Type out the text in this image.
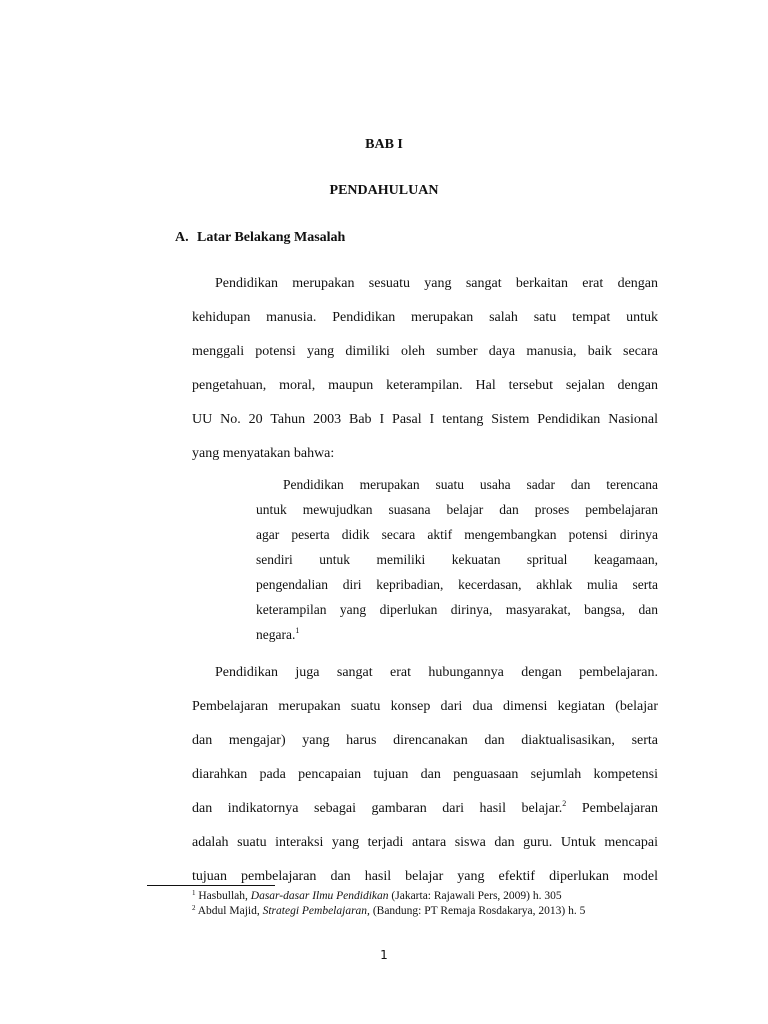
BAB I
PENDAHULUAN
A. Latar Belakang Masalah
Pendidikan merupakan sesuatu yang sangat berkaitan erat dengan
kehidupan manusia. Pendidikan merupakan salah satu tempat untuk
menggali potensi yang dimiliki oleh sumber daya manusia, baik secara
pengetahuan, moral, maupun keterampilan. Hal tersebut sejalan dengan
UU No. 20 Tahun 2003 Bab I Pasal I tentang Sistem Pendidikan Nasional
yang menyatakan bahwa:
Pendidikan merupakan suatu usaha sadar dan terencana
untuk mewujudkan suasana belajar dan proses pembelajaran
agar peserta didik secara aktif mengembangkan potensi dirinya
sendiri untuk memiliki kekuatan spritual keagamaan,
pengendalian diri kepribadian, kecerdasan, akhlak mulia serta
keterampilan yang diperlukan dirinya, masyarakat, bangsa, dan
negara.$^1$
Pendidikan juga sangat erat hubungannya dengan pembelajaran.
Pembelajaran merupakan suatu konsep dari dua dimensi kegiatan (belajar
dan mengajar) yang harus direncanakan dan diaktualisasikan, serta
diarahkan pada pencapaian tujuan dan penguasaan sejumlah kompetensi
dan indikatornya sebagai gambaran dari hasil belajar.$^2$ Pembelajaran
adalah suatu interaksi yang terjadi antara siswa dan guru. Untuk mencapai
tujuan pembelajaran dan hasil belajar yang efektif diperlukan model
$^1$ Hasbullah, Dasar-dasar Ilmu Pendidikan (Jakarta: Rajawali Pers, 2009) h. 305
$^2$ Abdul Majid, Strategi Pembelajaran, (Bandung: PT Remaja Rosdakarya, 2013) h. 5
1
